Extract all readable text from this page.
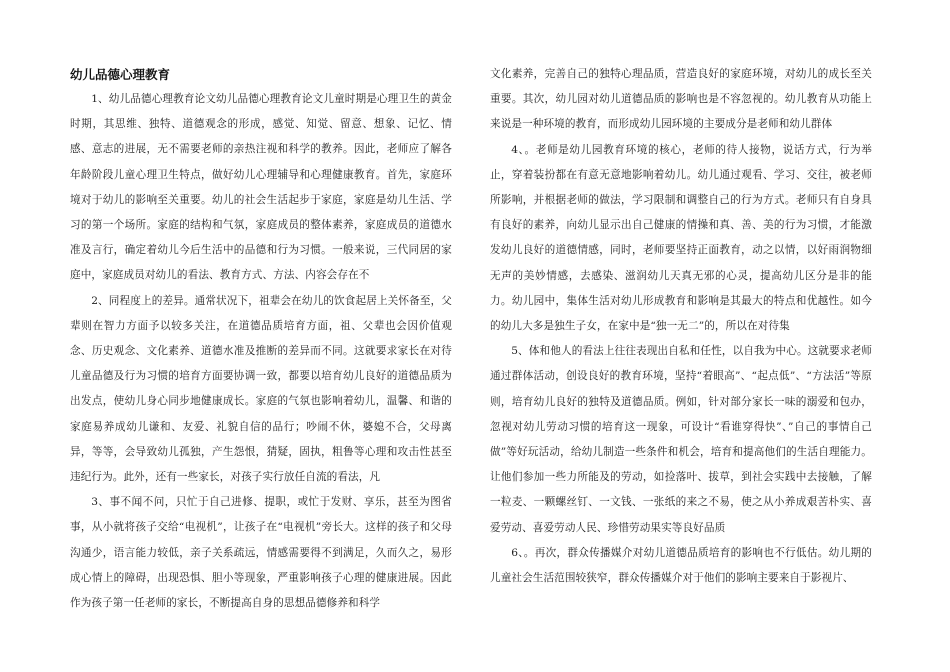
幼儿品德心理教育

1、幼儿品德心理教育论文幼儿品德心理教育论文儿童时期是心理卫生的黄金时期，其思维、独特、道德观念的形成，感觉、知觉、留意、想象、记忆、情感、意志的进展，无不需要老师的亲热注视和科学的教养。因此，老师应了解各年龄阶段儿童心理卫生特点，做好幼儿心理辅导和心理健康教育。首先，家庭环境对于幼儿的影响至关重要。幼儿的社会生活起步于家庭，家庭是幼儿生活、学习的第一个场所。家庭的结构和气氛，家庭成员的整体素养，家庭成员的道德水准及言行，确定着幼儿今后生活中的品德和行为习惯。一般来说，三代同居的家庭中，家庭成员对幼儿的看法、教育方式、方法、内容会存在不

2、同程度上的差异。通常状况下，祖辈会在幼儿的饮食起居上关怀备至，父辈则在智力方面予以较多关注，在道德品质培育方面，祖、父辈也会因价值观念、历史观念、文化素养、道德水准及推断的差异而不同。这就要求家长在对待儿童品德及行为习惯的培育方面要协调一致，都要以培育幼儿良好的道德品质为出发点，使幼儿身心同步地健康成长。家庭的气氛也影响着幼儿，温馨、和谐的家庭易养成幼儿谦和、友爱、礼貌自信的品行；吵闹不休，婆媳不合，父母离异，等等，会导致幼儿孤独，产生怨恨，猜疑，固执，粗鲁等心理和攻击性甚至违纪行为。此外，还有一些家长，对孩子实行放任自流的看法，凡

3、事不闻不问，只忙于自己进修、提职，或忙于发财、享乐，甚至为图省事，从小就将孩子交给“电视机”，让孩子在“电视机”旁长大。这样的孩子和父母沟通少，语言能力较低，亲子关系疏远，情感需要得不到满足，久而久之，易形成心情上的障碍，出现恐惧、胆小等现象，严重影响孩子心理的健康进展。因此作为孩子第一任老师的家长，不断提高自身的思想品德修养和科学

文化素养，完善自己的独特心理品质，营造良好的家庭环境，对幼儿的成长至关重要。其次，幼儿园对幼儿道德品质的影响也是不容忽视的。幼儿教育从功能上来说是一种环境的教育，而形成幼儿园环境的主要成分是老师和幼儿群体

4、。老师是幼儿园教育环境的核心，老师的待人接物，说话方式，行为举止，穿着装扮都在有意无意地影响着幼儿。幼儿通过观看、学习、交往，被老师所影响，并根据老师的做法，学习限制和调整自己的行为方式。老师只有自身具有良好的素养，向幼儿显示出自己健康的情操和真、善、美的行为习惯，才能激发幼儿良好的道德情感，同时，老师要坚持正面教育，动之以情，以好雨润物细无声的美妙情感，去感染、滋润幼儿天真无邪的心灵，提高幼儿区分是非的能力。幼儿园中，集体生活对幼儿形成教育和影响是其最大的特点和优越性。如今的幼儿大多是独生子女，在家中是“独一无二”的，所以在对待集

5、体和他人的看法上往往表现出自私和任性，以自我为中心。这就要求老师通过群体活动，创设良好的教育环境，坚持“着眼高”、“起点低”、“方法活”等原则，培育幼儿良好的独特及道德品质。例如，针对部分家长一味的溺爱和包办，忽视对幼儿劳动习惯的培育这一现象，可设计“看谁穿得快”、”自己的事情自己做”等好玩活动，给幼儿制造一些条件和机会，培育和提高他们的生活自理能力。让他们参加一些力所能及的劳动，如捡落叶、拔草，到社会实践中去接触，了解一粒麦、一颗螺丝钉、一文钱、一张纸的来之不易，使之从小养成艰苦朴实、喜爱劳动、喜爱劳动人民、珍惜劳动果实等良好品质

6、。再次，群众传播媒介对幼儿道德品质培育的影响也不行低估。幼儿期的儿童社会生活范围较狭窄，群众传播媒介对于他们的影响主要来自于影视片、
